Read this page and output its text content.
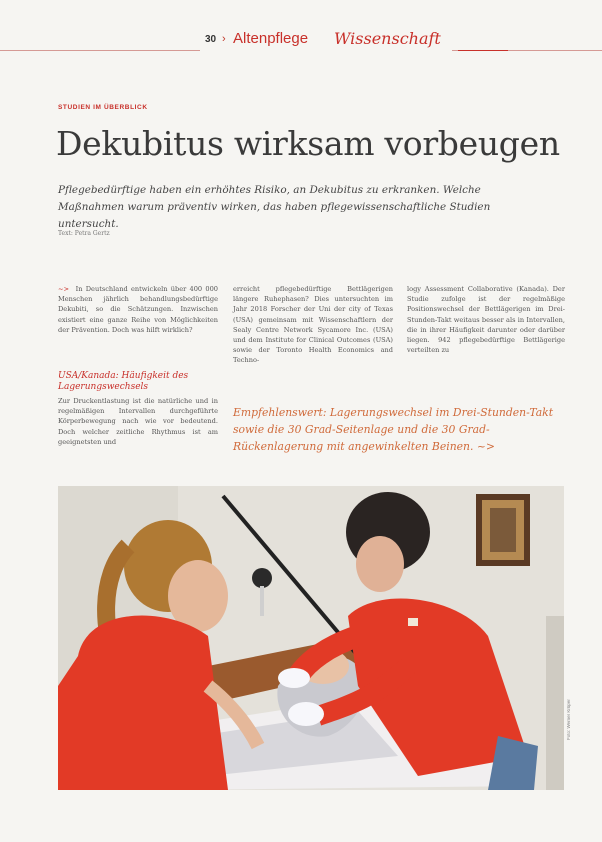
30 › Altenpflege Wissenschaft
STUDIEN IM ÜBERBLICK
Dekubitus wirksam vorbeugen
Pflegebedürftige haben ein erhöhtes Risiko, an Dekubitus zu erkranken. Welche Maßnahmen warum präventiv wirken, das haben pflegewissenschaftliche Studien untersucht.
Text: Petra Gertz

~> In Deutschland entwickeln über 400 000 Menschen jährlich behandlungsbedürftige Dekubiti, so die Schätzungen. Inzwischen existiert eine ganze Reihe von Möglichkeiten der Prävention. Doch was hilft wirklich?

USA/Kanada: Häufigkeit des Lagerungswechsels
Zur Druckentlastung ist die natürliche und in regelmäßigen Intervallen durchgeführte Körperbewegung nach wie vor bedeutend. Doch welcher zeitliche Rhythmus ist am geeignetsten und

erreicht pflegebedürftige Bettlägerigen längere Ruhephasen? Dies untersuchten im Jahr 2018 Forscher der Uni der city of Texas (USA) gemeinsam mit Wissenschaftlern der Sealy Centre Network Sycamore Inc. (USA) und dem Institute for Clinical Outcomes (USA) sowie der Toronto Health Economics and Techno-

logy Assessment Collaborative (Kanada). Der Studie zufolge ist der regelmäßige Positionswechsel der Bettlägerigen im Drei-Stunden-Takt weitaus besser als in Intervallen, die in ihrer Häufigkeit darunter oder darüber liegen. 942 pflegebedürftige Bettlägerige verteilten zu

Empfehlenswert: Lagerungswechsel im Drei-Stunden-Takt sowie die 30 Grad-Seitenlage und die 30 Grad-Rückenlagerung mit angewinkelten Beinen. ~>
Foto: Werner Krüper
